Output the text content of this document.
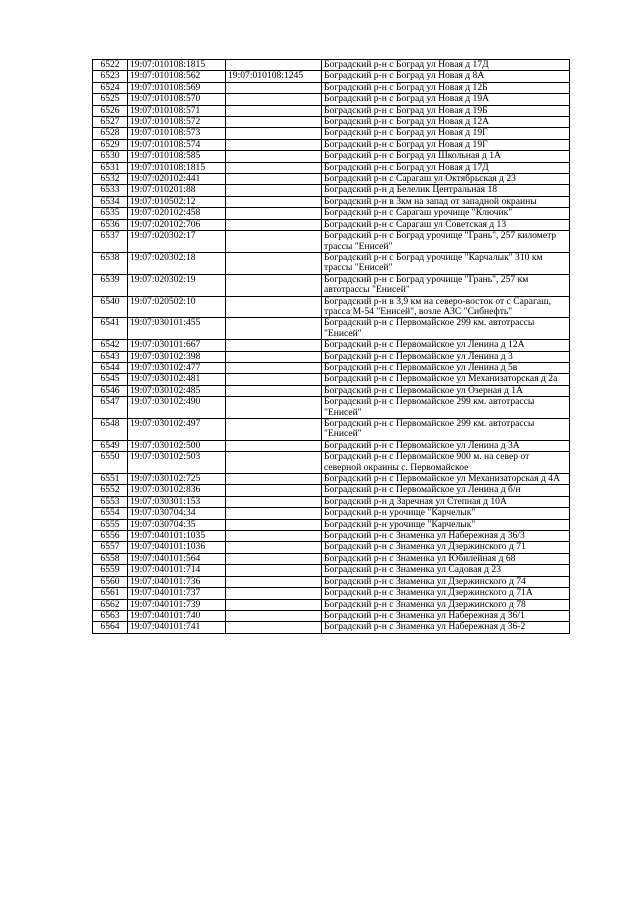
6522	19:07:010108:1815		Боградский р-н с Боград ул Новая д 17Д
6523	19:07:010108:562	19:07:010108:1245	Боградский р-н с Боград ул Новая д 8А
6524	19:07:010108:569		Боградский р-н с Боград ул Новая д 12Б
6525	19:07:010108:570		Боградский р-н с Боград ул Новая д 19А
6526	19:07:010108:571		Боградский р-н с Боград ул Новая д 19Б
6527	19:07:010108:572		Боградский р-н с Боград ул Новая д 12А
6528	19:07:010108:573		Боградский р-н с Боград ул Новая д 19Г
6529	19:07:010108:574		Боградский р-н с Боград ул Новая д 19Г
6530	19:07:010108:585		Боградский р-н с Боград ул Школьная д 1А
6531	19:07:010108:1815		Боградский р-н с Боград ул Новая д 17Д
6532	19:07:020102:441		Боградский р-н с Сарагаш ул Октябрьская д 23
6533	19:07:010201:88		Боградский р-н д Белелик Центральная 18
6534	19:07:010502:12		Боградский р-н в 3км на запад от западной окраины
6535	19:07:020102:458		Боградский р-н с Сарагаш урочище "Ключик"
6536	19:07:020102:706		Боградский р-н с Сарагаш ул Советская д 13
6537	19:07:020302:17		Боградский р-н с Боград урочище "Грань", 257 километр трассы "Енисей"
6538	19:07:020302:18		Боградский р-н с Боград урочище "Карчалык" 310 км трассы "Енисей"
6539	19:07:020302:19		Боградский р-н с Боград урочище "Грань", 257 км автотрассы "Енисей"
6540	19:07:020502:10		Боградский р-н в 3,9 км на северо-восток от с Сарагаш, трасса М-54 "Енисей", возле АЗС "Сибнефть"
6541	19:07:030101:455		Боградский р-н с Первомайское 299 км. автотрассы "Енисей"
6542	19:07:030101:667		Боградский р-н с Первомайское ул Ленина д 12А
6543	19:07:030102:398		Боградский р-н с Первомайское ул Ленина д 3
6544	19:07:030102:477		Боградский р-н с Первомайское ул Ленина д 5в
6545	19:07:030102:481		Боградский р-н с Первомайское ул Механизаторская д 2а
6546	19:07:030102:485		Боградский р-н с Первомайское ул Озерная д 1А
6547	19:07:030102:490		Боградский р-н с Первомайское 299 км. автотрассы "Енисей"
6548	19:07:030102:497		Боградский р-н с Первомайское 299 км. автотрассы "Енисей"
6549	19:07:030102:500		Боградский р-н с Первомайское ул Ленина д 3А
6550	19:07:030102:503		Боградский р-н с Первомайское 900 м. на север от северной окраины с. Первомайское
6551	19:07:030102:725		Боградский р-н с Первомайское ул Механизаторская д 4А
6552	19:07:030102:836		Боградский р-н с Первомайское ул Ленина д б/н
6553	19:07:030301:153		Боградский р-н д Заречная ул Степная д 10А
6554	19:07:030704:34		Боградский р-н урочище "Карчелык"
6555	19:07:030704:35		Боградский р-н урочище "Карчелык"
6556	19:07:040101:1035		Боградский р-н с Знаменка ул Набережная д 36/3
6557	19:07:040101:1036		Боградский р-н с Знаменка ул Дзержинского д 71
6558	19:07:040101:564		Боградский р-н с Знаменка ул Юбилейная д 68
6559	19:07:040101:714		Боградский р-н с Знаменка ул Садовая д 23
6560	19:07:040101:736		Боградский р-н с Знаменка ул Дзержинского д 74
6561	19:07:040101:737		Боградский р-н с Знаменка ул Дзержинского д 71А
6562	19:07:040101:739		Боградский р-н с Знаменка ул Дзержинского д 78
6563	19:07:040101:740		Боградский р-н с Знаменка ул Набережная д 36/1
6564	19:07:040101:741		Боградский р-н с Знаменка ул Набережная д 36-2
